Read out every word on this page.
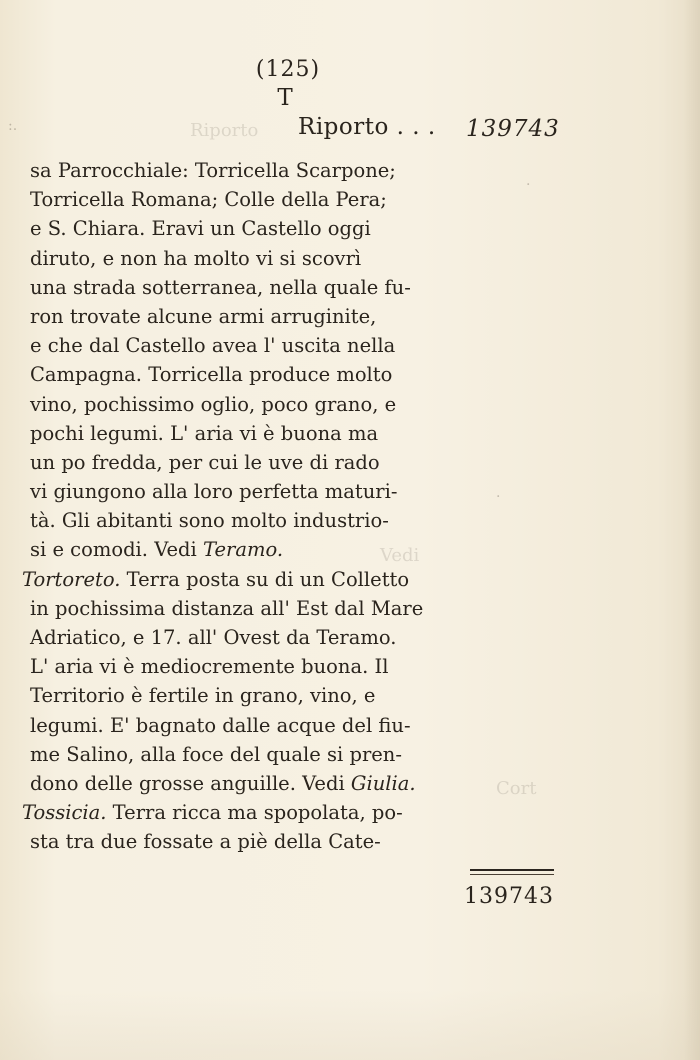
Riporto
Vedi
Cort
:.
.
.
(125)
T
Riporto . . . 139743
sa Parrocchiale: Torricella Scarpone;
Torricella Romana; Colle della Pera;
e S. Chiara. Eravi un Castello oggi
diruto, e non ha molto vi si scovrì
una strada sotterranea, nella quale fu-
ron trovate alcune armi arruginite,
e che dal Castello avea l' uscita nella
Campagna. Torricella produce molto
vino, pochissimo oglio, poco grano, e
pochi legumi. L' aria vi è buona ma
un po fredda, per cui le uve di rado
vi giungono alla loro perfetta maturi-
tà. Gli abitanti sono molto industrio-
si e comodi. Vedi Teramo.
Tortoreto. Terra posta su di un Colletto
in pochissima distanza all' Est dal Mare
Adriatico, e 17. all' Ovest da Teramo.
L' aria vi è mediocremente buona. Il
Territorio è fertile in grano, vino, e
legumi. E' bagnato dalle acque del fiu-
me Salino, alla foce del quale si pren-
dono delle grosse anguille. Vedi Giulia.
Tossicia. Terra ricca ma spopolata, po-
sta tra due fossate a piè della Cate-
139743
